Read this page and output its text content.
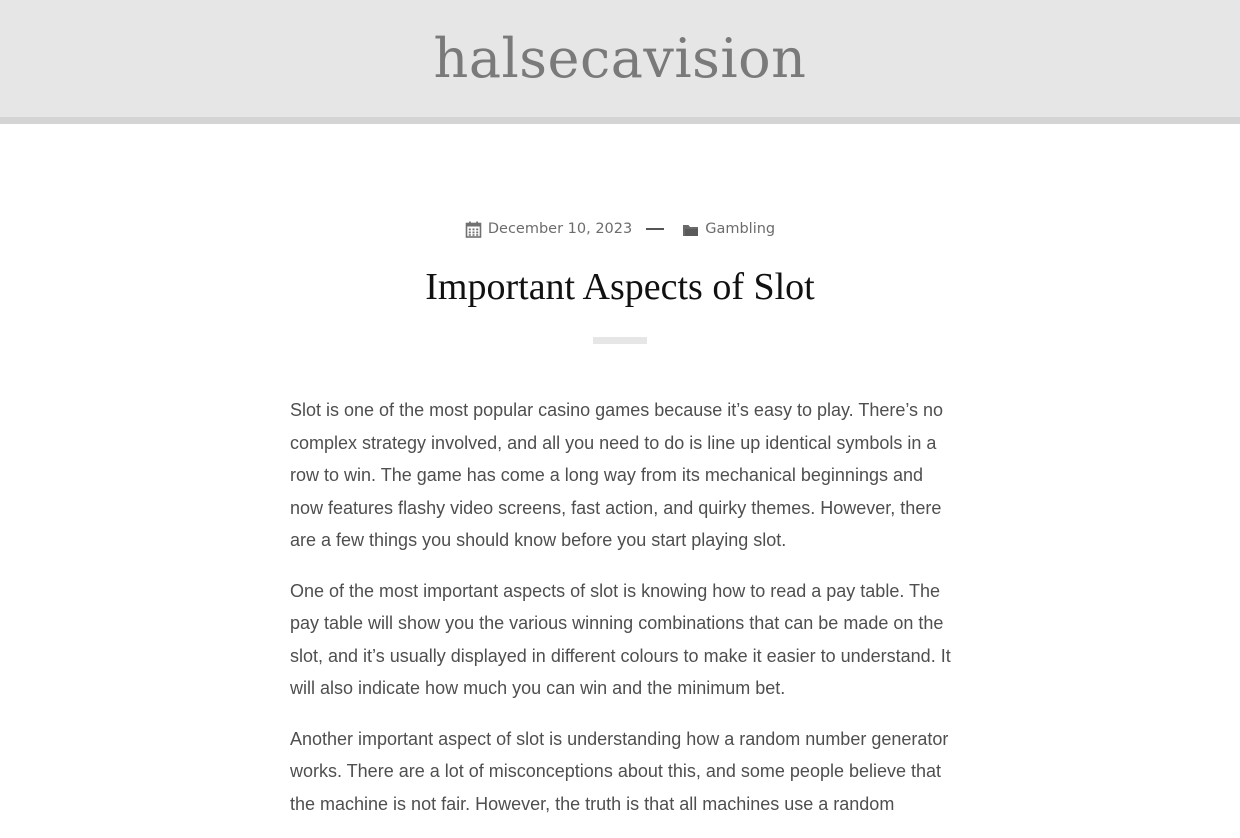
halsecavision
December 10, 2023	Gambling
Important Aspects of Slot

Slot is one of the most popular casino games because it’s easy to play. There’s no complex strategy involved, and all you need to do is line up identical symbols in a row to win. The game has come a long way from its mechanical beginnings and now features flashy video screens, fast action, and quirky themes. However, there are a few things you should know before you start playing slot.

One of the most important aspects of slot is knowing how to read a pay table. The pay table will show you the various winning combinations that can be made on the slot, and it’s usually displayed in different colours to make it easier to understand. It will also indicate how much you can win and the minimum bet.

Another important aspect of slot is understanding how a random number generator works. There are a lot of misconceptions about this, and some people believe that the machine is not fair. However, the truth is that all machines use a random
